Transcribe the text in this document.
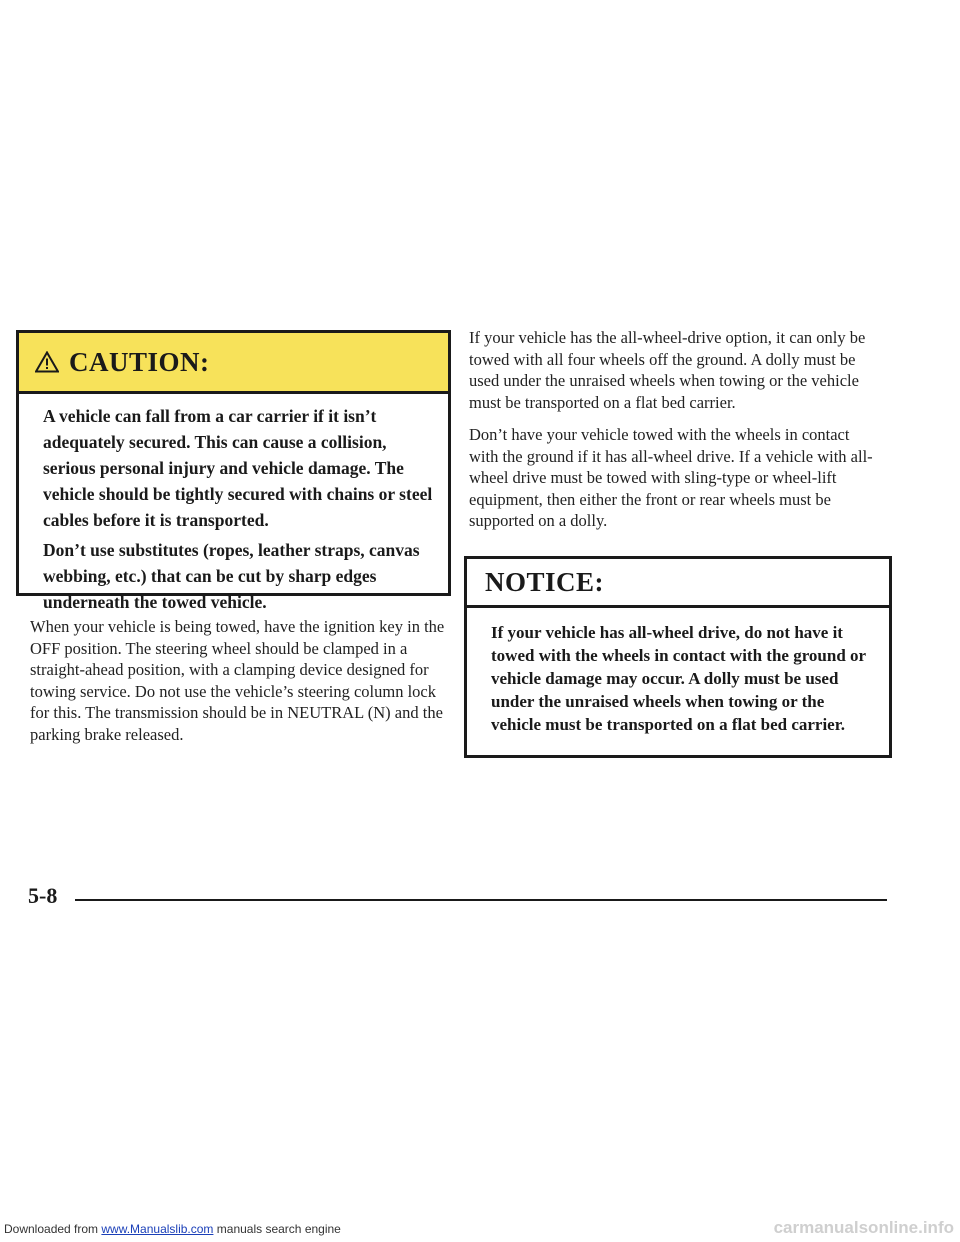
CAUTION:

A vehicle can fall from a car carrier if it isn’t adequately secured. This can cause a collision, serious personal injury and vehicle damage. The vehicle should be tightly secured with chains or steel cables before it is transported.

Don’t use substitutes (ropes, leather straps, canvas webbing, etc.) that can be cut by sharp edges underneath the towed vehicle.

When your vehicle is being towed, have the ignition key in the OFF position. The steering wheel should be clamped in a straight-ahead position, with a clamping device designed for towing service. Do not use the vehicle’s steering column lock for this. The transmission should be in NEUTRAL (N) and the parking brake released.

If your vehicle has the all-wheel-drive option, it can only be towed with all four wheels off the ground. A dolly must be used under the unraised wheels when towing or the vehicle must be transported on a flat bed carrier.

Don’t have your vehicle towed with the wheels in contact with the ground if it has all-wheel drive. If a vehicle with all-wheel drive must be towed with sling-type or wheel-lift equipment, then either the front or rear wheels must be supported on a dolly.

NOTICE:
If your vehicle has all-wheel drive, do not have it towed with the wheels in contact with the ground or vehicle damage may occur. A dolly must be used under the unraised wheels when towing or the vehicle must be transported on a flat bed carrier.
5-8
Downloaded from www.Manualslib.com manuals search engine	carmanualsonline.info
